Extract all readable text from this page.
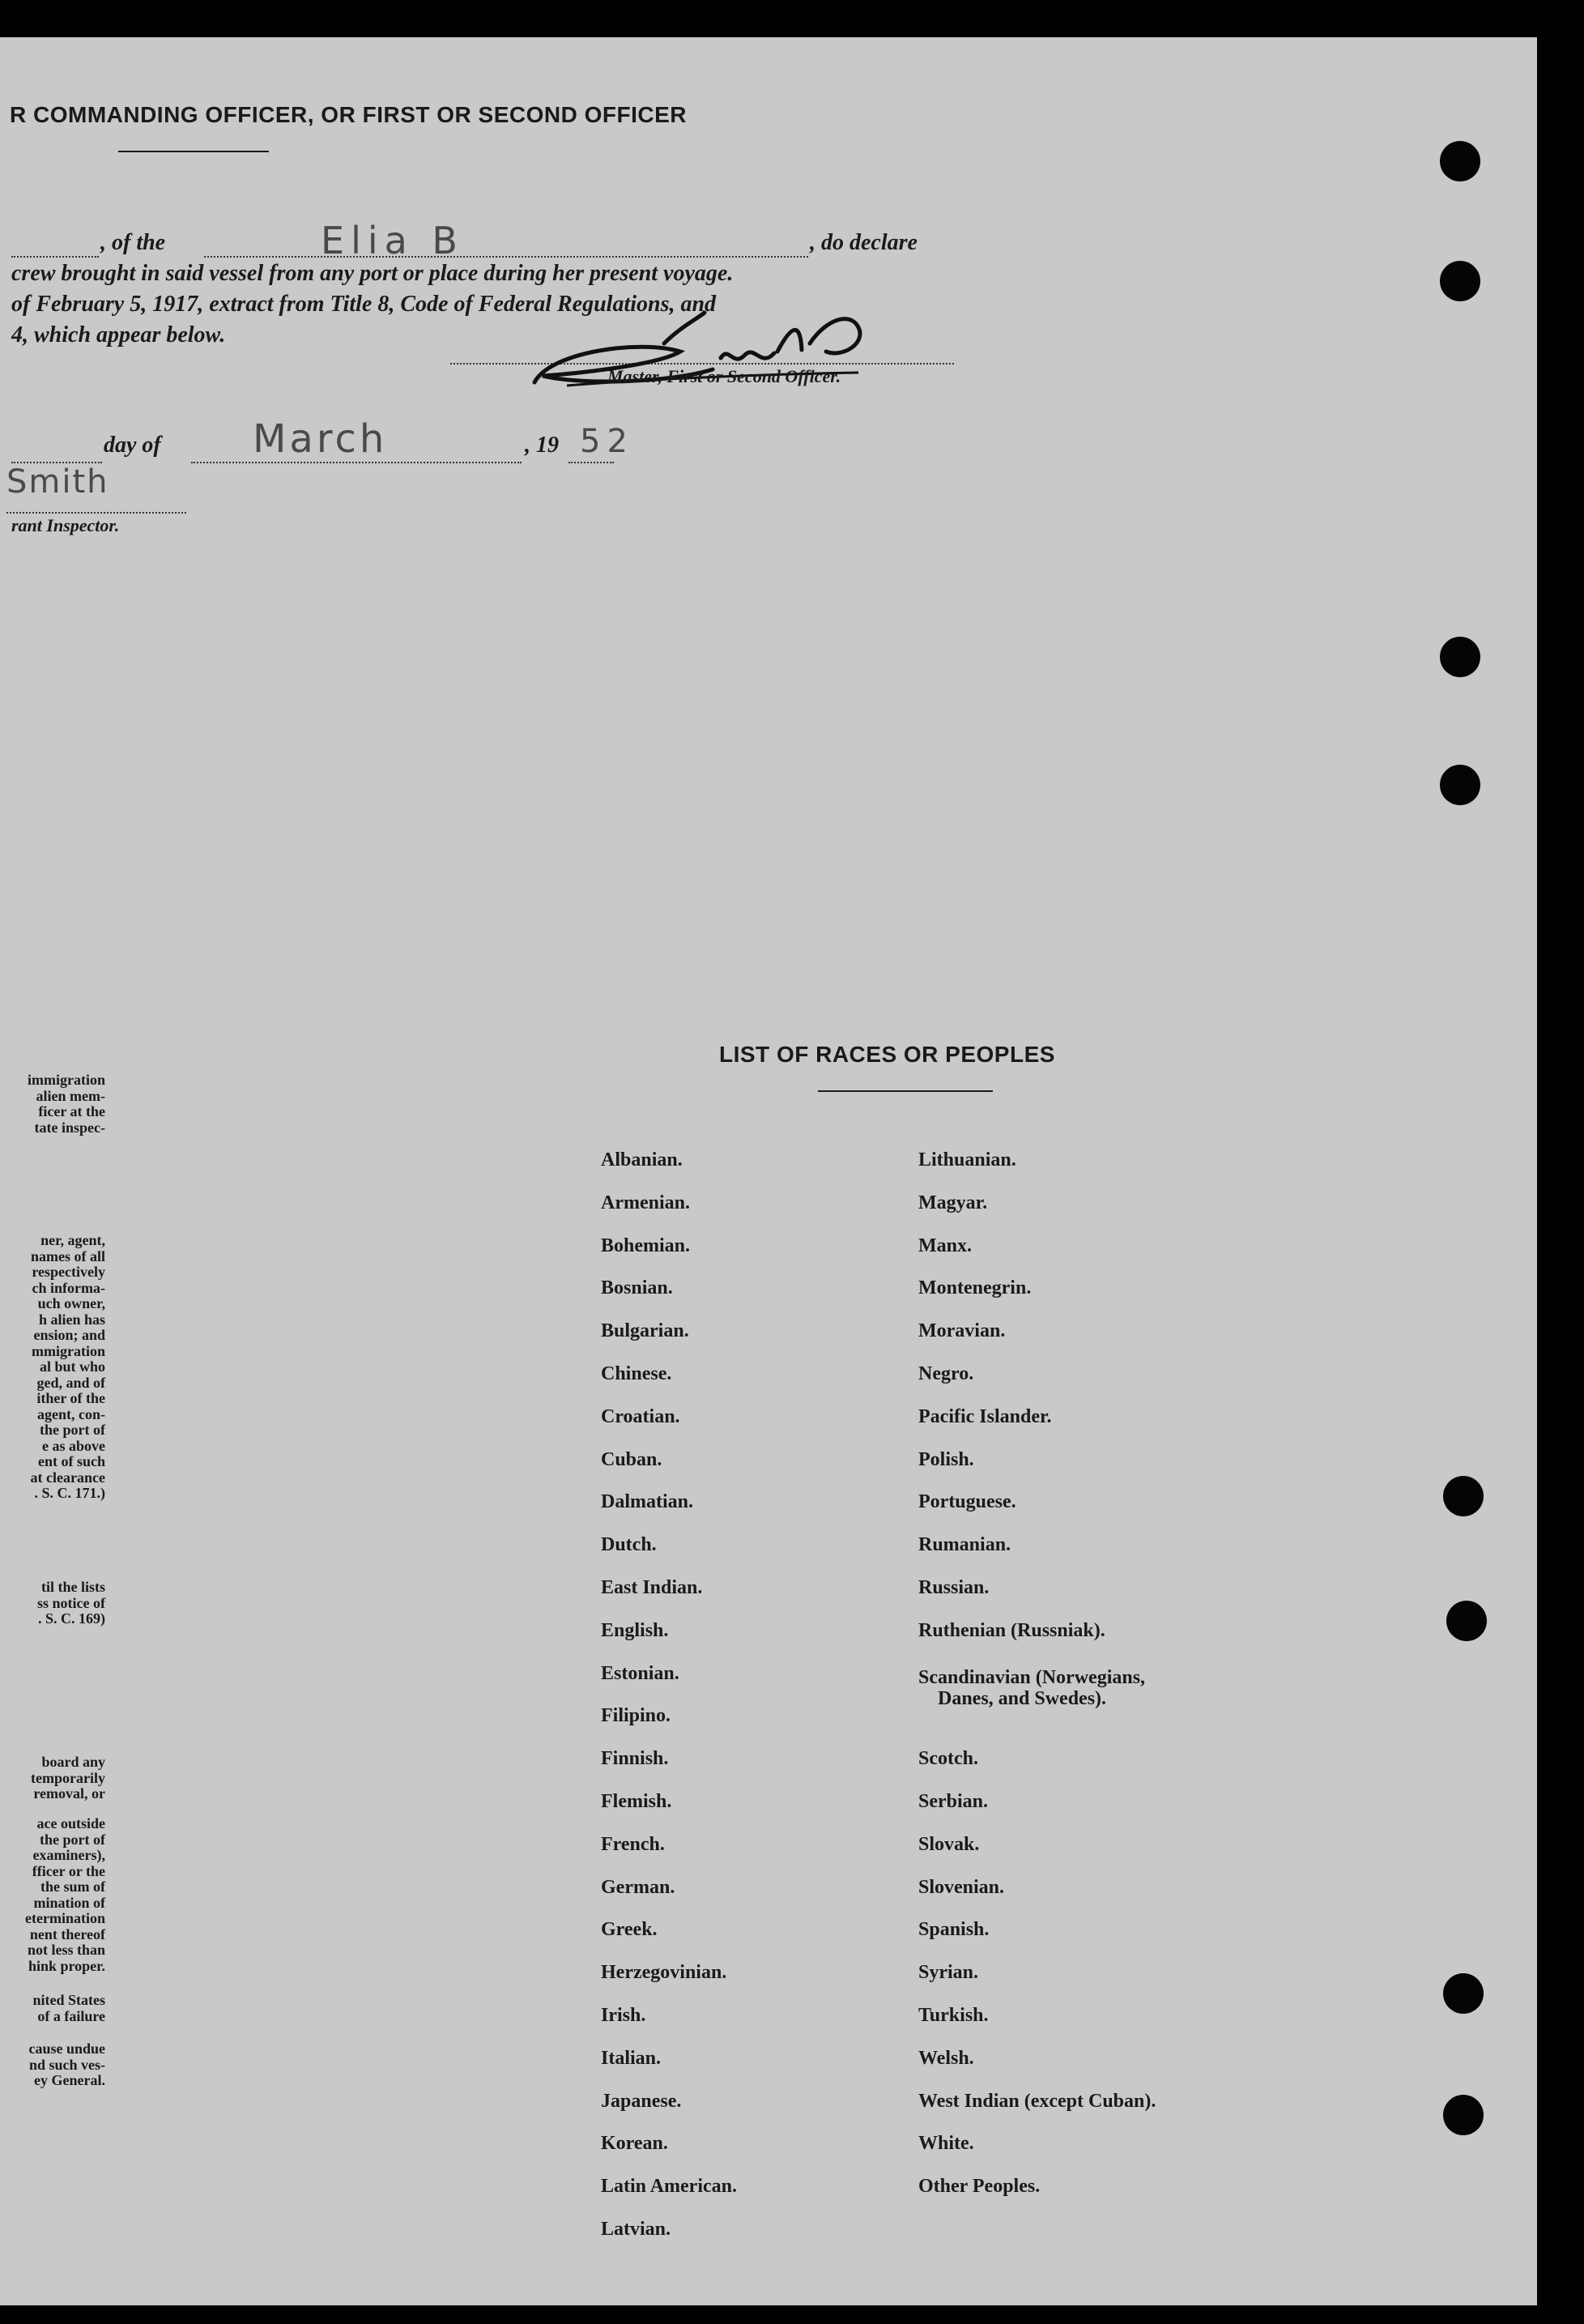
R COMMANDING OFFICER, OR FIRST OR SECOND OFFICER
, of the	Elia B	, do declare
crew brought in said vessel from any port or place during her present voyage.
of February 5, 1917, extract from Title 8, Code of Federal Regulations, and
4, which appear below.
Master, First or Second Officer.
day of March	, 19 52
Smith
rant Inspector.
LIST OF RACES OR PEOPLES
immigration
alien mem-
ficer at the
tate inspec-
ner, agent,
names of all
respectively
ch informa-
uch owner,
h alien has
ension; and
mmigration
al but who
ged, and of
ither of the
agent, con-
the port of
e as above
ent of such
at clearance
. S. C. 171.)
til the lists
ss notice of
. S. C. 169)
board any
temporarily
removal, or
ace outside
the port of
examiners),
fficer or the
the sum of
mination of
etermination
nent thereof
not less than
hink proper.
nited States
of a failure
cause undue
nd such ves-
ey General.
Albanian.
Armenian.
Bohemian.
Bosnian.
Bulgarian.
Chinese.
Croatian.
Cuban.
Dalmatian.
Dutch.
East Indian.
English.
Estonian.
Filipino.
Finnish.
Flemish.
French.
German.
Greek.
Herzegovinian.
Irish.
Italian.
Japanese.
Korean.
Latin American.
Latvian.
Lithuanian.
Magyar.
Manx.
Montenegrin.
Moravian.
Negro.
Pacific Islander.
Polish.
Portuguese.
Rumanian.
Russian.
Ruthenian (Russniak).
Scandinavian (Norwegians,
Danes, and Swedes).
Scotch.
Serbian.
Slovak.
Slovenian.
Spanish.
Syrian.
Turkish.
Welsh.
West Indian (except Cuban).
White.
Other Peoples.
